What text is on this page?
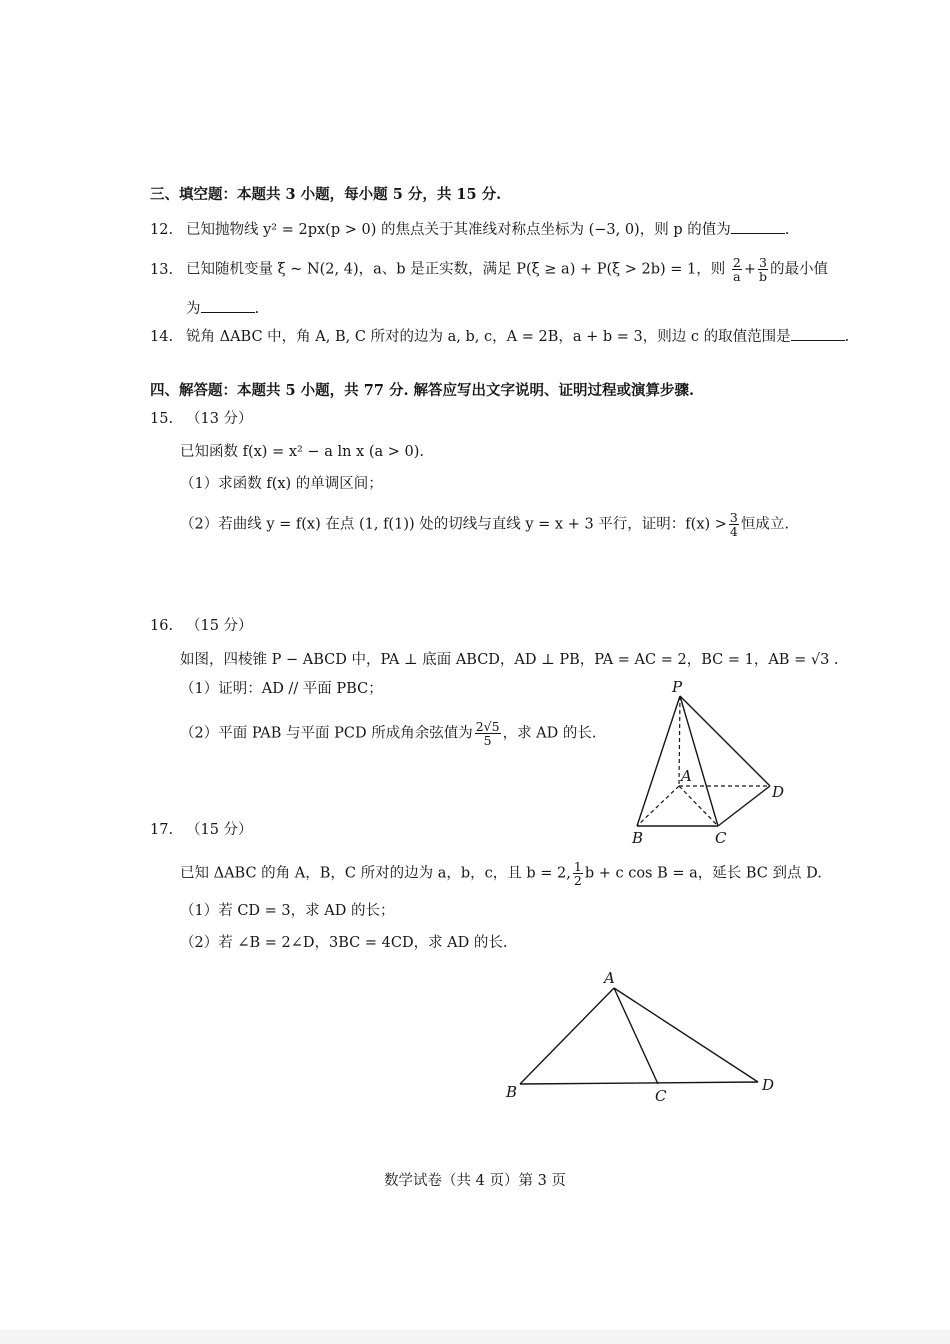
三、填空题：本题共 3 小题，每小题 5 分，共 15 分.
12. 已知抛物线 y² = 2px(p > 0) 的焦点关于其准线对称点坐标为 (−3, 0)，则 p 的值为	.
13. 已知随机变量 ξ ~ N(2, 4)，a、b 是正实数，满足 P(ξ ≥ a) + P(ξ > 2b) = 1，则 $\frac{2}{a} + \frac{3}{b}$ 的最小值
为	.
14. 锐角 ΔABC 中，角 A, B, C 所对的边为 a, b, c，A = 2B，a + b = 3，则边 c 的取值范围是	.
四、解答题：本题共 5 小题，共 77 分. 解答应写出文字说明、证明过程或演算步骤.
15. （13 分）
已知函数 f(x) = x² − a ln x (a > 0).
（1）求函数 f(x) 的单调区间；
（2）若曲线 y = f(x) 在点 (1, f(1)) 处的切线与直线 y = x + 3 平行，证明：$f(x) > \frac{3}{4}$ 恒成立.
16. （15 分）
如图，四棱锥 P − ABCD 中，PA ⊥ 底面 ABCD，AD ⊥ PB，PA = AC = 2，BC = 1，AB = √3 .
（1）证明：AD // 平面 PBC；
（2）平面 PAB 与平面 PCD 所成角余弦值为 $\frac{2√5}{5}$ ，求 AD 的长.
P
A
B	C
D
17. （15 分）
已知 ΔABC 的角 A，B，C 所对的边为 a，b，c，且 b = 2, $\frac{1}{2}$ b + c cos B = a，延长 BC 到点 D.
（1）若 CD = 3，求 AD 的长；
（2）若 ∠B = 2∠D，3BC = 4CD，求 AD 的长.
A
B	C
D
数学试卷（共 4 页）第 3 页
